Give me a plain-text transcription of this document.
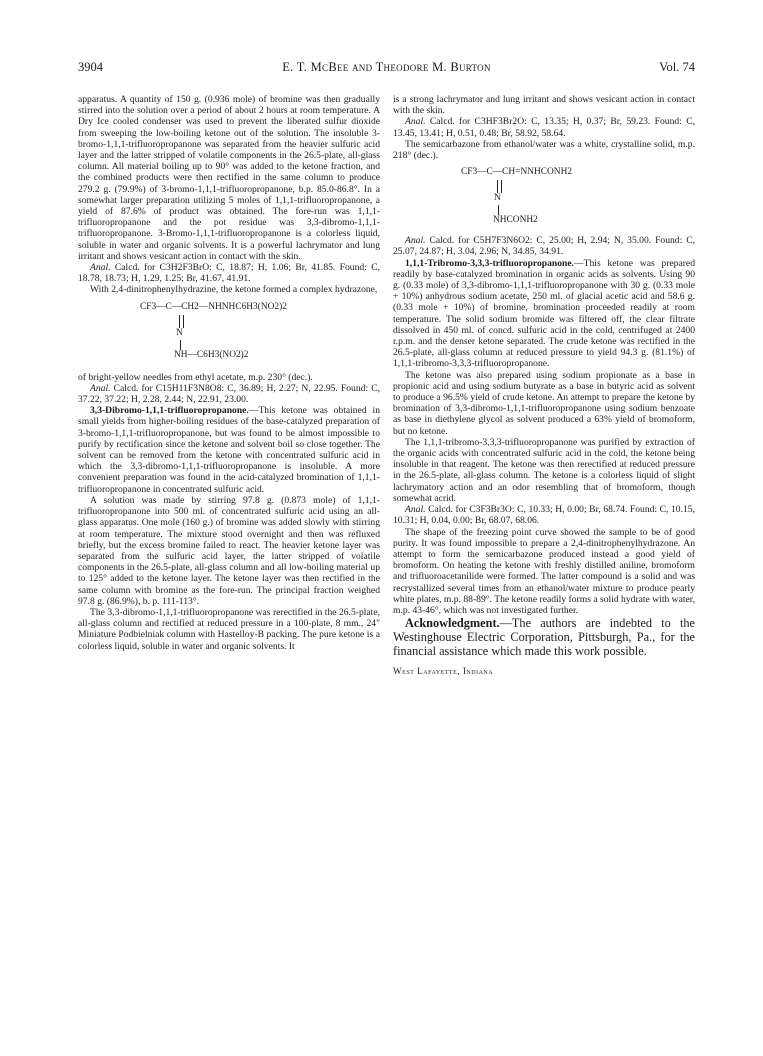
3904	E. T. McBee and Theodore M. Burton	Vol. 74

apparatus. A quantity of 150 g. (0.936 mole) of bromine was then gradually stirred into the solution over a period of about 2 hours at room temperature. A Dry Ice cooled condenser was used to prevent the liberated sulfur dioxide from sweeping the low-boiling ketone out of the solution. The insoluble 3-bromo-1,1,1-trifluoropropanone was separated from the heavier sulfuric acid layer and the latter stripped of volatile components in the 26.5-plate, all-glass column. All material boiling up to 90° was added to the ketone fraction, and the combined products were then rectified in the same column to produce 279.2 g. (79.9%) of 3-bromo-1,1,1-trifluoropropanone, b.p. 85.0-86.8°. In a somewhat larger preparation utilizing 5 moles of 1,1,1-trifluoropropanone, a yield of 87.6% of product was obtained. The fore-run was 1,1,1-trifluoropropanone and the pot residue was 3,3-dibromo-1,1,1-trifluoropropanone. 3-Bromo-1,1,1-trifluoropropanone is a colorless liquid, soluble in water and organic solvents. It is a powerful lachrymator and lung irritant and shows vesicant action in contact with the skin.

Anal. Calcd. for C3H2F3BrO: C, 18.87; H, 1.06; Br, 41.85. Found: C, 18.78, 18.73; H, 1.29, 1.25; Br, 41.67, 41.91.

With 2,4-dinitrophenylhydrazine, the ketone formed a complex hydrazone,

CF3—C—CH2—NHNHC6H3(NO2)2
N
NH—C6H3(NO2)2

of bright-yellow needles from ethyl acetate, m.p. 230° (dec.).

Anal. Calcd. for C15H11F3N8O8: C, 36.89; H, 2.27; N, 22.95. Found: C, 37.22, 37.22; H, 2.28, 2.44; N, 22.91, 23.00.

3,3-Dibromo-1,1,1-trifluoropropanone.—This ketone was obtained in small yields from higher-boiling residues of the base-catalyzed preparation of 3-bromo-1,1,1-trifluoropropanone, but was found to be almost impossible to purify by rectification since the ketone and solvent boil so close together. The solvent can be removed from the ketone with concentrated sulfuric acid in which the 3,3-dibromo-1,1,1-trifluoropropanone is insoluble. A more convenient preparation was found in the acid-catalyzed bromination of 1,1,1-trifluoropropanone in concentrated sulfuric acid.

A solution was made by stirring 97.8 g. (0.873 mole) of 1,1,1-trifluoropropanone into 500 ml. of concentrated sulfuric acid using an all-glass apparatus. One mole (160 g.) of bromine was added slowly with stirring at room temperature. The mixture stood overnight and then was refluxed briefly, but the excess bromine failed to react. The heavier ketone layer was separated from the sulfuric acid layer, the latter stripped of volatile components in the 26.5-plate, all-glass column and all low-boiling material up to 125° added to the ketone layer. The ketone layer was then rectified in the same column with bromine as the fore-run. The principal fraction weighed 97.8 g. (86.9%), b. p. 111-113°.

The 3,3-dibromo-1,1,1-trifluoropropanone was rerectified in the 26.5-plate, all-glass column and rectified at reduced pressure in a 100-plate, 8 mm., 24" Miniature Podbielniak column with Hastelloy-B packing. The pure ketone is a colorless liquid, soluble in water and organic solvents. It

is a strong lachrymator and lung irritant and shows vesicant action in contact with the skin.

Anal. Calcd. for C3HF3Br2O: C, 13.35; H, 0.37; Br, 59.23. Found: C, 13.45, 13.41; H, 0.51, 0.48; Br, 58.92, 58.64.

The semicarbazone from ethanol/water was a white, crystalline solid, m.p. 218° (dec.).

CF3—C—CH=NNHCONH2
N
NHCONH2

Anal. Calcd. for C5H7F3N6O2: C, 25.00; H, 2.94; N, 35.00. Found: C, 25.07, 24.87; H, 3.04, 2.96; N, 34.85, 34.91.

1,1,1-Tribromo-3,3,3-trifluoropropanone.—This ketone was prepared readily by base-catalyzed bromination in organic acids as solvents. Using 90 g. (0.33 mole) of 3,3-dibromo-1,1,1-trifluoropropanone with 30 g. (0.33 mole + 10%) anhydrous sodium acetate, 250 ml. of glacial acetic acid and 58.6 g. (0.33 mole + 10%) of bromine, bromination proceeded readily at room temperature. The solid sodium bromide was filtered off, the clear filtrate dissolved in 450 ml. of concd. sulfuric acid in the cold, centrifuged at 2400 r.p.m. and the denser ketone separated. The crude ketone was rectified in the 26.5-plate, all-glass column at reduced pressure to yield 94.3 g. (81.1%) of 1,1,1-tribromo-3,3,3-trifluoropropanone.

The ketone was also prepared using sodium propionate as a base in propionic acid and using sodium butyrate as a base in butyric acid as solvent to produce a 96.5% yield of crude ketone. An attempt to prepare the ketone by bromination of 3,3-dibromo-1,1,1-trifluoropropanone using sodium benzoate as base in diethylene glycol as solvent produced a 63% yield of bromoform, but no ketone.

The 1,1,1-tribromo-3,3,3-trifluoropropanone was purified by extraction of the organic acids with concentrated sulfuric acid in the cold, the ketone being insoluble in that reagent. The ketone was then rerectified at reduced pressure in the 26.5-plate, all-glass column. The ketone is a colorless liquid of slight lachrymatory action and an odor resembling that of bromoform, though somewhat acrid.

Anal. Calcd. for C3F3Br3O: C, 10.33; H, 0.00; Br, 68.74. Found: C, 10.15, 10.31; H, 0.04, 0.00; Br, 68.07, 68.06.

The shape of the freezing point curve showed the sample to be of good purity. It was found impossible to prepare a 2,4-dinitrophenylhydrazone. An attempt to form the semicarbazone produced instead a good yield of bromoform. On heating the ketone with freshly distilled aniline, bromoform and trifluoroacetanilide were formed. The latter compound is a solid and was recrystallized several times from an ethanol/water mixture to produce pearly white plates, m.p. 88-89°. The ketone readily forms a solid hydrate with water, m.p. 43-46°, which was not investigated further.

Acknowledgment.—The authors are indebted to the Westinghouse Electric Corporation, Pittsburgh, Pa., for the financial assistance which made this work possible.

West Lafayette, Indiana
